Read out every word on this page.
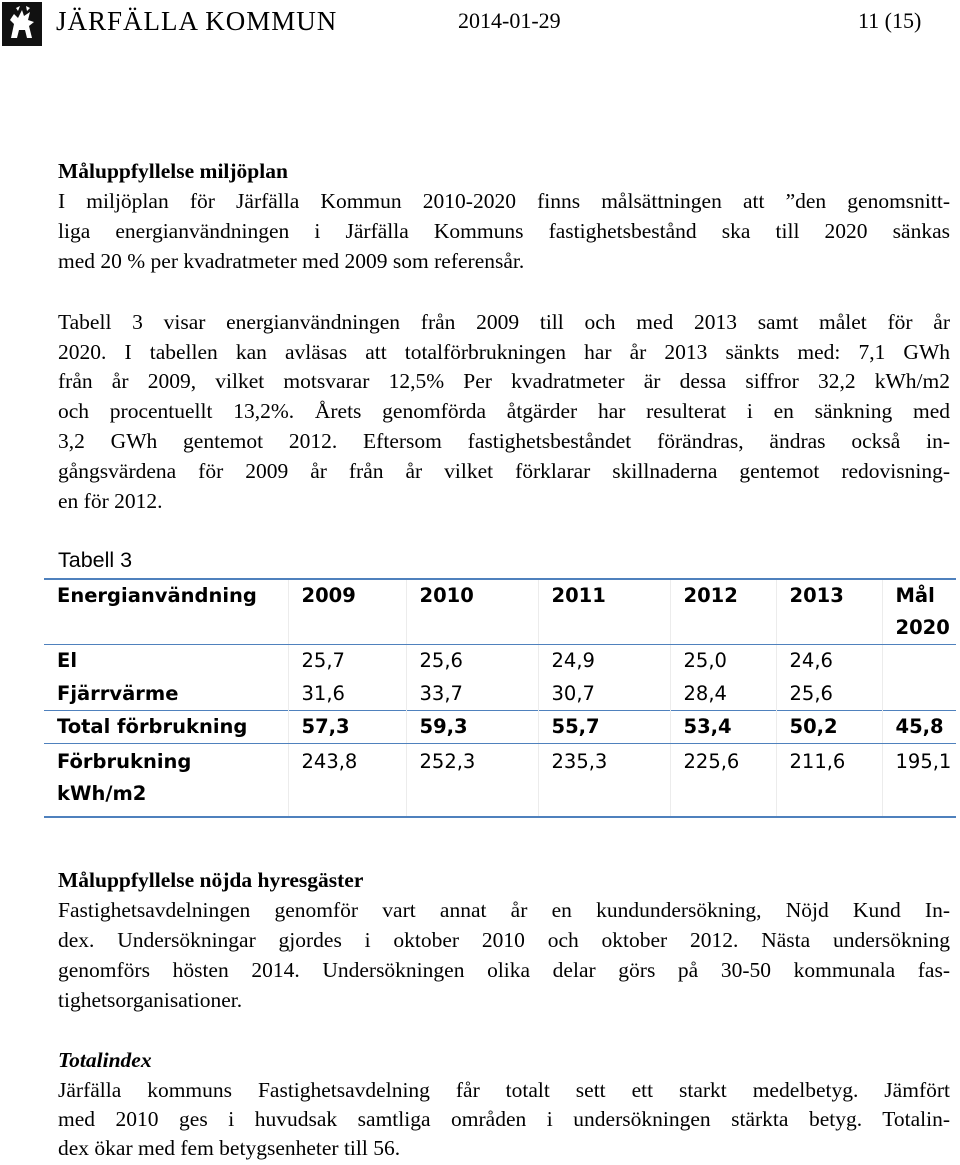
JÄRFÄLLA KOMMUN	2014-01-29	11 (15)
Måluppfyllelse miljöplan
I miljöplan för Järfälla Kommun 2010-2020 finns målsättningen att ”den genomsnitt-
liga energianvändningen i Järfälla Kommuns fastighetsbestånd ska till 2020 sänkas
med 20 % per kvadratmeter med 2009 som referensår.
Tabell 3 visar energianvändningen från 2009 till och med 2013 samt målet för år
2020. I tabellen kan avläsas att totalförbrukningen har år 2013 sänkts med: 7,1 GWh
från år 2009, vilket motsvarar 12,5% Per kvadratmeter är dessa siffror 32,2 kWh/m2
och procentuellt 13,2%. Årets genomförda åtgärder har resulterat i en sänkning med
3,2 GWh gentemot 2012. Eftersom fastighetsbeståndet förändras, ändras också in-
gångsvärdena för 2009 år från år vilket förklarar skillnaderna gentemot redovisning-
en för 2012.
Tabell 3
Energianvändning	2009	2010	2011	2012	2013	Mål
2020
El	25,7	25,6	24,9	25,0	24,6	
Fjärrvärme	31,6	33,7	30,7	28,4	25,6	
Total förbrukning	57,3	59,3	55,7	53,4	50,2	45,8
Förbrukning
kWh/m2	243,8	252,3	235,3	225,6	211,6	195,1
Måluppfyllelse nöjda hyresgäster
Fastighetsavdelningen genomför vart annat år en kundundersökning, Nöjd Kund In-
dex. Undersökningar gjordes i oktober 2010 och oktober 2012. Nästa undersökning
genomförs hösten 2014. Undersökningen olika delar görs på 30-50 kommunala fas-
tighetsorganisationer.
Totalindex
Järfälla kommuns Fastighetsavdelning får totalt sett ett starkt medelbetyg. Jämfört
med 2010 ges i huvudsak samtliga områden i undersökningen stärkta betyg. Totalin-
dex ökar med fem betygsenheter till 56.
